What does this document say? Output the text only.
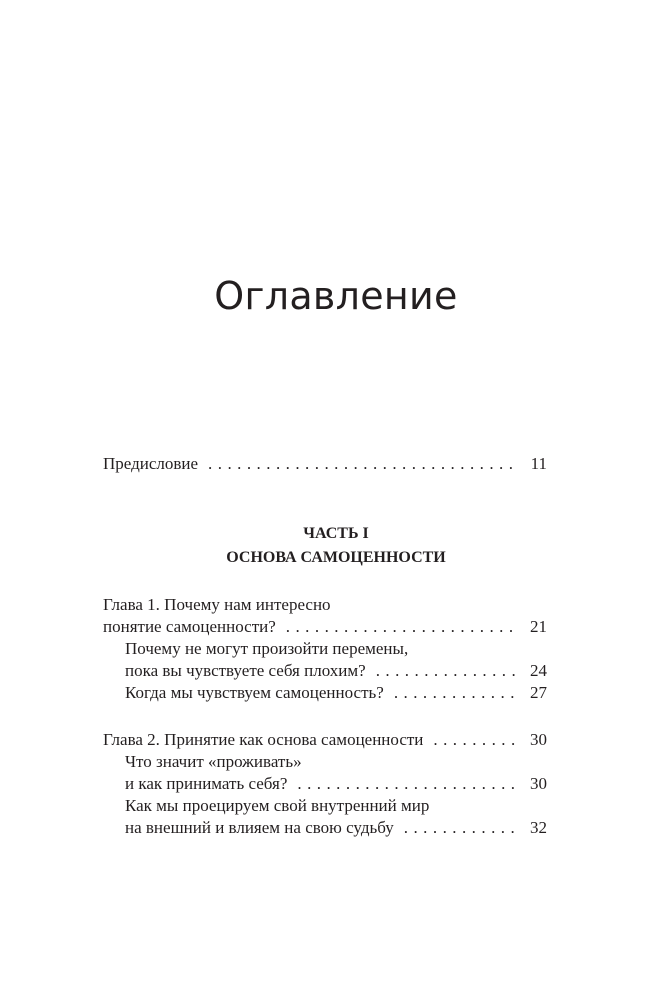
Оглавление
Предисловие . . .	11
ЧАСТЬ I
ОСНОВА САМОЦЕННОСТИ
Глава 1. Почему нам интересно
понятие самоценности? . . .	21
Почему не могут произойти перемены,
пока вы чувствуете себя плохим? . . .	24
Когда мы чувствуем самоценность? . . .	27
Глава 2. Принятие как основа самоценности . . .	30
Что значит «проживать»
и как принимать себя? . . .	30
Как мы проецируем свой внутренний мир
на внешний и влияем на свою судьбу . . .	32
